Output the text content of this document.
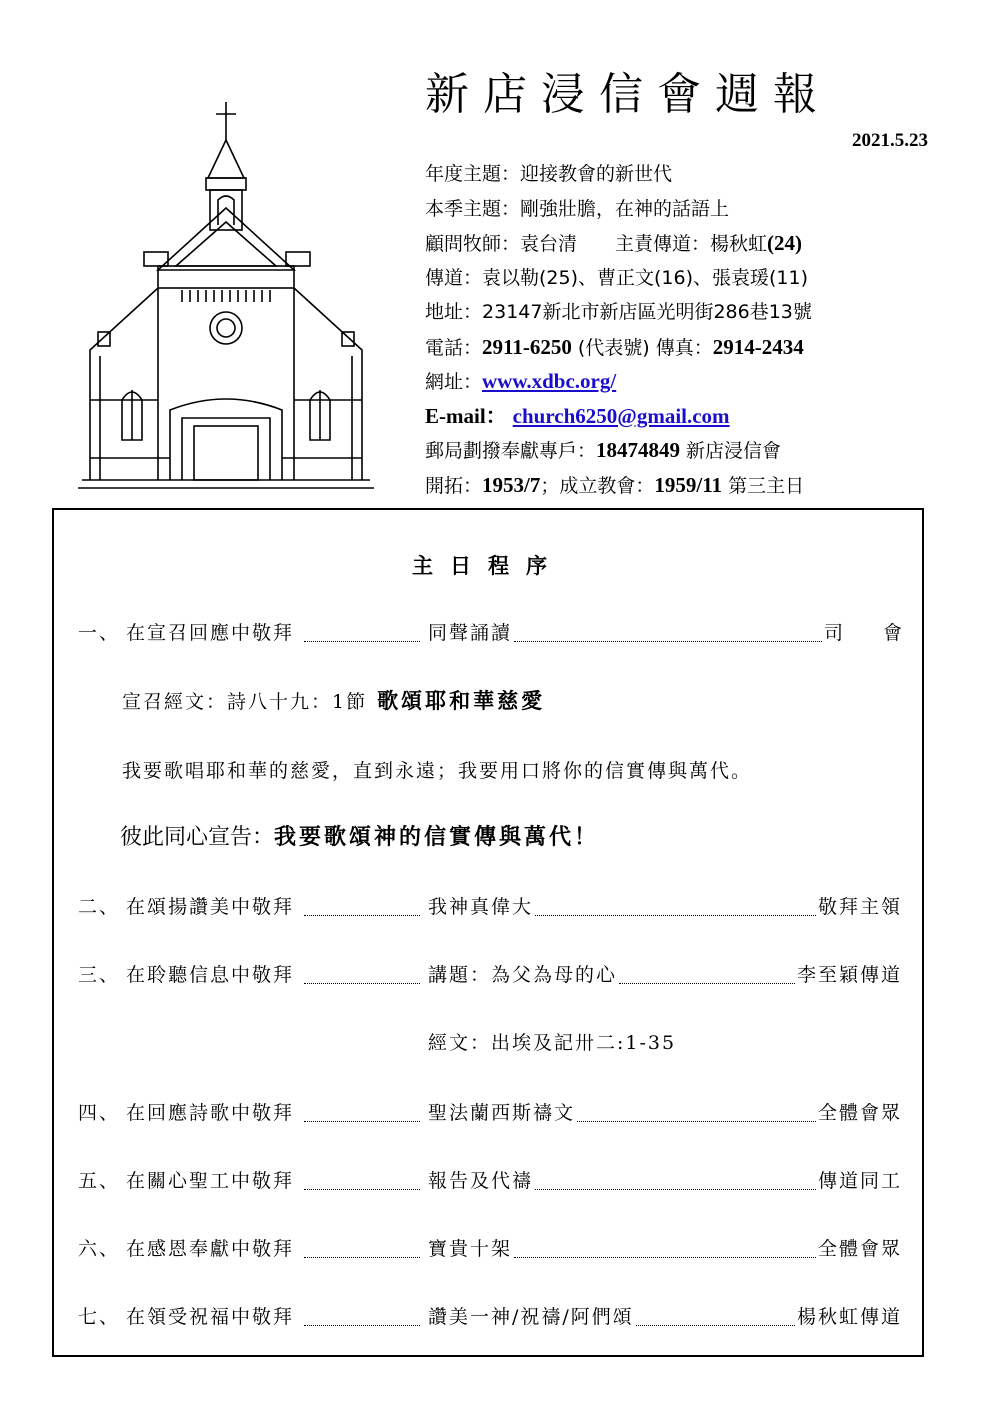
新店浸信會週報
2021.5.23
年度主題：迎接教會的新世代
本季主題：剛強壯膽，在神的話語上
顧問牧師：袁台清 主責傳道：楊秋虹(24)
傳道：袁以勒(25)、曹正文(16)、張袁瑗(11)
地址：23147新北市新店區光明街286巷13號
電話：2911-6250 (代表號) 傳真：2914-2434
網址：www.xdbc.org/
E-mail： church6250@gmail.com
郵局劃撥奉獻專戶：18474849 新店浸信會
開拓：1953/7；成立教會：1959/11 第三主日
主日程序
一、 在宣召回應中敬拜	同聲誦讀	司會
宣召經文：詩八十九：1節 歌頌耶和華慈愛
我要歌唱耶和華的慈愛，直到永遠；我要用口將你的信實傳與萬代。
彼此同心宣告：我要歌頌神的信實傳與萬代！
二、 在頌揚讚美中敬拜	我神真偉大	敬拜主領
三、 在聆聽信息中敬拜	講題：為父為母的心	李至穎傳道
經文：出埃及記卅二:1-35
四、 在回應詩歌中敬拜	聖法蘭西斯禱文	全體會眾
五、 在關心聖工中敬拜	報告及代禱	傳道同工
六、 在感恩奉獻中敬拜	寶貴十架	全體會眾
七、 在領受祝福中敬拜	讚美一神/祝禱/阿們頌	楊秋虹傳道
